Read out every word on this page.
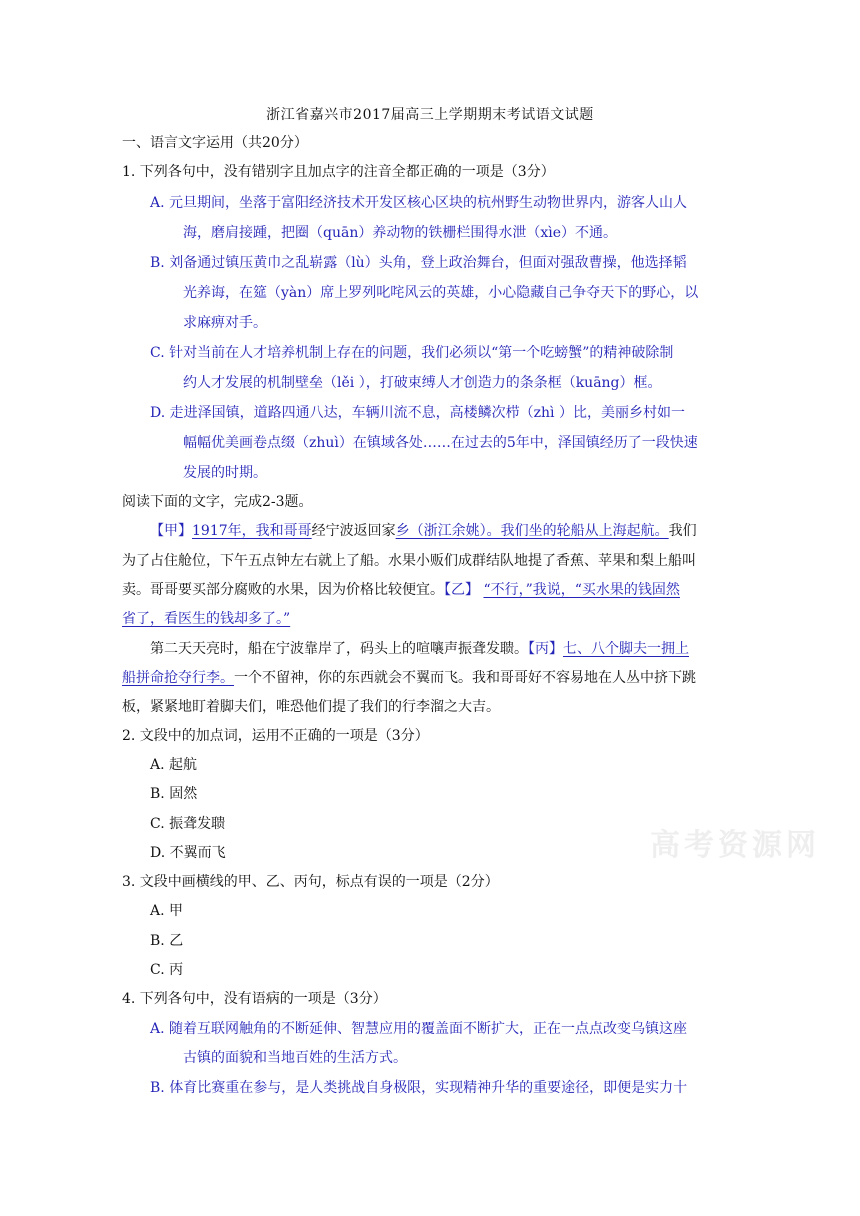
浙江省嘉兴市2017届高三上学期期末考试语文试题
一、语言文字运用（共20分）
1. 下列各句中，没有错别字且加点字的注音全都正确的一项是（3分）
A. 元旦期间，坐落于富阳经济技术开发区核心区块的杭州野生动物世界内，游客人山人
海，磨肩接踵，把圈（quān）养动物的铁栅栏围得水泄（xìe）不通。
B. 刘备通过镇压黄巾之乱崭露（lù）头角，登上政治舞台，但面对强敌曹操，他选择韬
光养诲，在筵（yàn）席上罗列叱咤风云的英雄，小心隐藏自己争夺天下的野心，以
求麻痹对手。
C. 针对当前在人才培养机制上存在的问题，我们必须以“第一个吃螃蟹”的精神破除制
约人才发展的机制壁垒（lěi ），打破束缚人才创造力的条条框（kuāng）框。
D. 走进泽国镇，道路四通八达，车辆川流不息，高楼鳞次栉（zhì ）比，美丽乡村如一
幅幅优美画卷点缀（zhuì）在镇域各处……在过去的5年中，泽国镇经历了一段快速
发展的时期。
阅读下面的文字，完成2-3题。
【甲】1917年，我和哥哥经宁波返回家乡（浙江余姚）。我们坐的轮船从上海起航。我们
为了占住舱位，下午五点钟左右就上了船。水果小贩们成群结队地提了香蕉、苹果和梨上船叫
卖。哥哥要买部分腐败的水果，因为价格比较便宜。【乙】 “不行，”我说，“买水果的钱固然
省了，看医生的钱却多了。”
第二天天亮时，船在宁波靠岸了，码头上的喧嚷声振聋发聩。【丙】七、八个脚夫一拥上
船拼命抢夺行李。一个不留神，你的东西就会不翼而飞。我和哥哥好不容易地在人丛中挤下跳
板，紧紧地盯着脚夫们，唯恐他们提了我们的行李溜之大吉。
2. 文段中的加点词，运用不正确的一项是（3分）
A. 起航
B. 固然
C. 振聋发聩
D. 不翼而飞
3. 文段中画横线的甲、乙、丙句，标点有误的一项是（2分）
A. 甲
B. 乙
C. 丙
4. 下列各句中，没有语病的一项是（3分）
A. 随着互联网触角的不断延伸、智慧应用的覆盖面不断扩大，正在一点点改变乌镇这座
古镇的面貌和当地百姓的生活方式。
B. 体育比赛重在参与，是人类挑战自身极限，实现精神升华的重要途径，即便是实力十
高考资源网
